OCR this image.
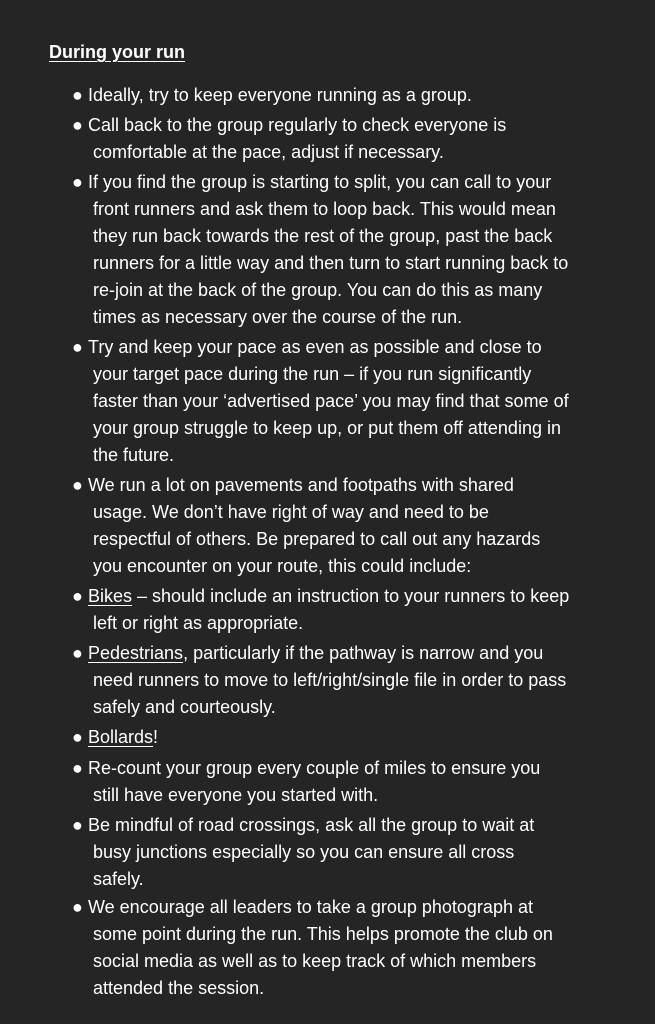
During your run
● Ideally, try to keep everyone running as a group.
● Call back to the group regularly to check everyone is
comfortable at the pace, adjust if necessary.
● If you find the group is starting to split, you can call to your
front runners and ask them to loop back. This would mean
they run back towards the rest of the group, past the back
runners for a little way and then turn to start running back to
re-join at the back of the group. You can do this as many
times as necessary over the course of the run.
● Try and keep your pace as even as possible and close to
your target pace during the run – if you run significantly
faster than your ‘advertised pace’ you may find that some of
your group struggle to keep up, or put them off attending in
the future.
● We run a lot on pavements and footpaths with shared
usage. We don’t have right of way and need to be
respectful of others. Be prepared to call out any hazards
you encounter on your route, this could include:
● Bikes – should include an instruction to your runners to keep
left or right as appropriate.
● Pedestrians, particularly if the pathway is narrow and you
need runners to move to left/right/single file in order to pass
safely and courteously.
● Bollards!
● Re-count your group every couple of miles to ensure you
still have everyone you started with.
● Be mindful of road crossings, ask all the group to wait at
busy junctions especially so you can ensure all cross
safely.
● We encourage all leaders to take a group photograph at
some point during the run. This helps promote the club on
social media as well as to keep track of which members
attended the session.
